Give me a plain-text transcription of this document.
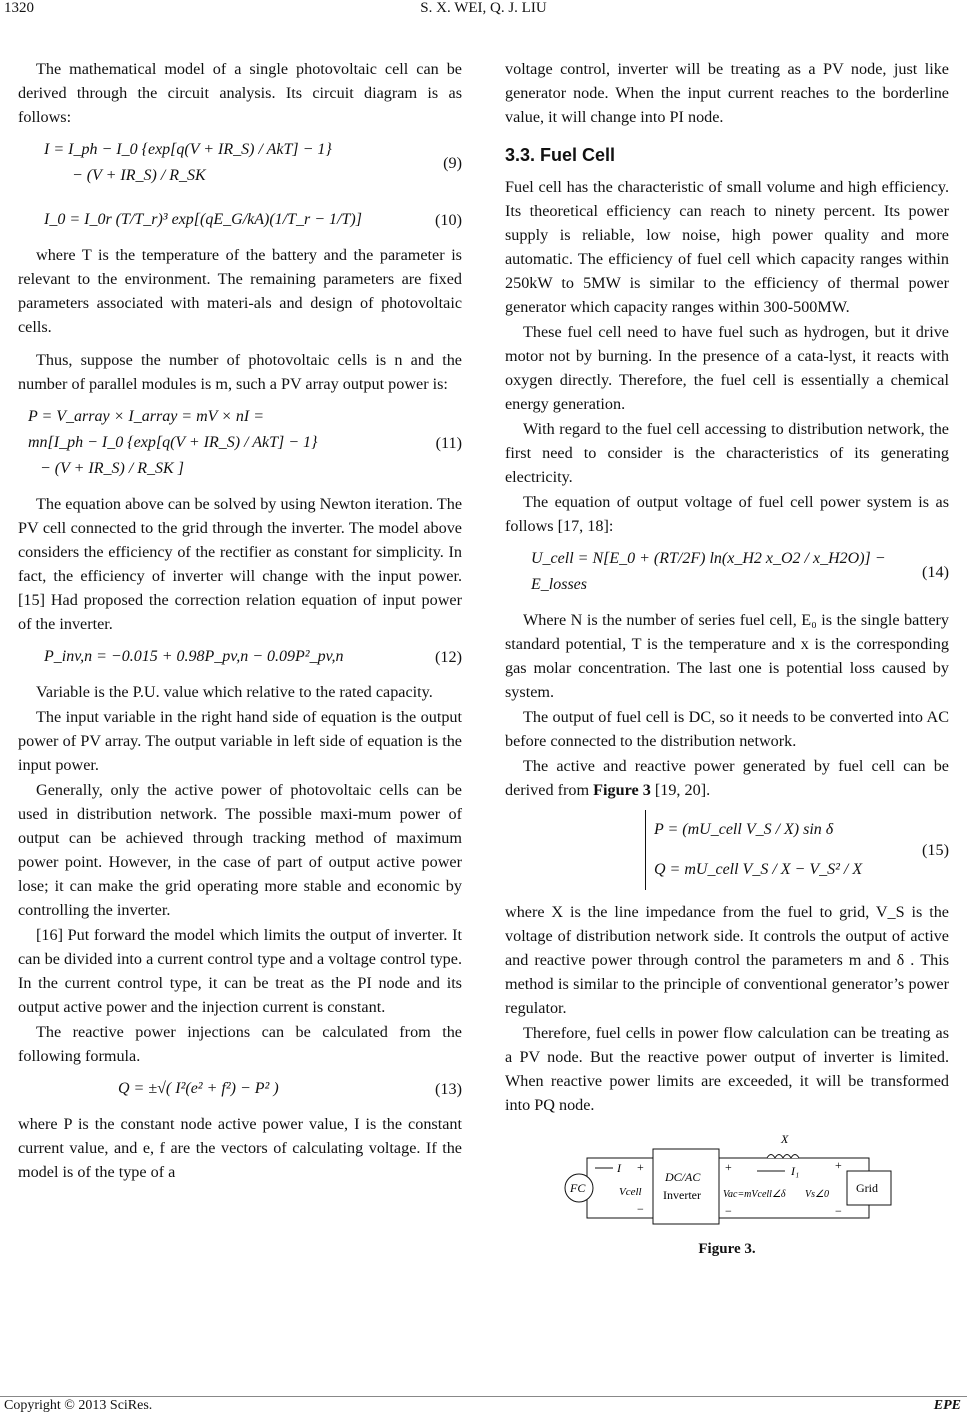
1320	S. X. WEI, Q. J. LIU

The mathematical model of a single photovoltaic cell can be derived through the circuit analysis. Its circuit diagram is as follows:

I = I_ph − I_0 {exp[q(V + IR_S) / AkT] − 1}
− (V + IR_S) / R_SK
(9)
I_0 = I_0r (T/T_r)³ exp[(qE_G/kA)(1/T_r − 1/T)]	(10)

where T is the temperature of the battery and the parameter is relevant to the environment. The remaining parameters are fixed parameters associated with materi-als and design of photovoltaic cells.

Thus, suppose the number of photovoltaic cells is n and the number of parallel modules is m, such a PV array output power is:

P = V_array × I_array = mV × nI =
mn[I_ph − I_0 {exp[q(V + IR_S) / AkT] − 1}
− (V + IR_S) / R_SK ]
(11)

The equation above can be solved by using Newton iteration. The PV cell connected to the grid through the inverter. The model above considers the efficiency of the rectifier as constant for simplicity. In fact, the efficiency of inverter will change with the input power. [15] Had proposed the correction relation equation of input power of the inverter.

P_inv,n = −0.015 + 0.98P_pv,n − 0.09P²_pv,n	(12)

Variable is the P.U. value which relative to the rated capacity.

The input variable in the right hand side of equation is the output power of PV array. The output variable in left side of equation is the input power.

Generally, only the active power of photovoltaic cells can be used in distribution network. The possible maxi-mum power of output can be achieved through tracking method of maximum power point. However, in the case of part of output active power lose; it can make the grid operating more stable and economic by controlling the inverter.

[16] Put forward the model which limits the output of inverter. It can be divided into a current control type and a voltage control type. In the current control type, it can be treat as the PI node and its output active power and the injection current is constant.

The reactive power injections can be calculated from the following formula.

Q = ±√( I²(e² + f²) − P² )	(13)

where P is the constant node active power value, I is the constant current value, and e, f are the vectors of calculating voltage. If the model is of the type of a

voltage control, inverter will be treating as a PV node, just like generator node. When the input current reaches to the borderline value, it will change into PI node.

3.3. Fuel Cell

Fuel cell has the characteristic of small volume and high efficiency. Its theoretical efficiency can reach to ninety percent. Its power supply is reliable, low noise, high power quality and more automatic. The efficiency of fuel cell which capacity ranges within 250kW to 5MW is similar to the efficiency of thermal power generator which capacity ranges within 300-500MW.

These fuel cell need to have fuel such as hydrogen, but it drive motor not by burning. In the presence of a cata-lyst, it reacts with oxygen directly. Therefore, the fuel cell is essentially a chemical energy generation.

With regard to the fuel cell accessing to distribution network, the first need to consider is the characteristics of its generating electricity.

The equation of output voltage of fuel cell power system is as follows [17, 18]:

U_cell = N[E_0 + (RT/2F) ln(x_H2 x_O2 / x_H2O)] − E_losses
(14)

Where N is the number of series fuel cell, E₀ is the single battery standard potential, T is the temperature and x is the corresponding gas molar concentration. The last one is potential loss caused by system.

The output of fuel cell is DC, so it needs to be converted into AC before connected to the distribution network.

The active and reactive power generated by fuel cell can be derived from Figure 3 [19, 20].

P = (mU_cell V_S / X) sin δ
Q = mU_cell V_S / X − V_S² / X
(15)

where X is the line impedance from the fuel to grid, V_S is the voltage of distribution network side. It controls the output of active and reactive power through control the parameters m and δ . This method is similar to the principle of conventional generator’s power regulator.

Therefore, fuel cells in power flow calculation can be treating as a PV node. But the reactive power output of inverter is limited. When reactive power limits are exceeded, it will be transformed into PQ node.

FC
I +
Vcell
−
DC/AC
Inverter
X
I₁
+	+
Vac=mVcell∠δ Vs∠0
−	−
Grid
Figure 3.
Copyright © 2013 SciRes.	EPE
